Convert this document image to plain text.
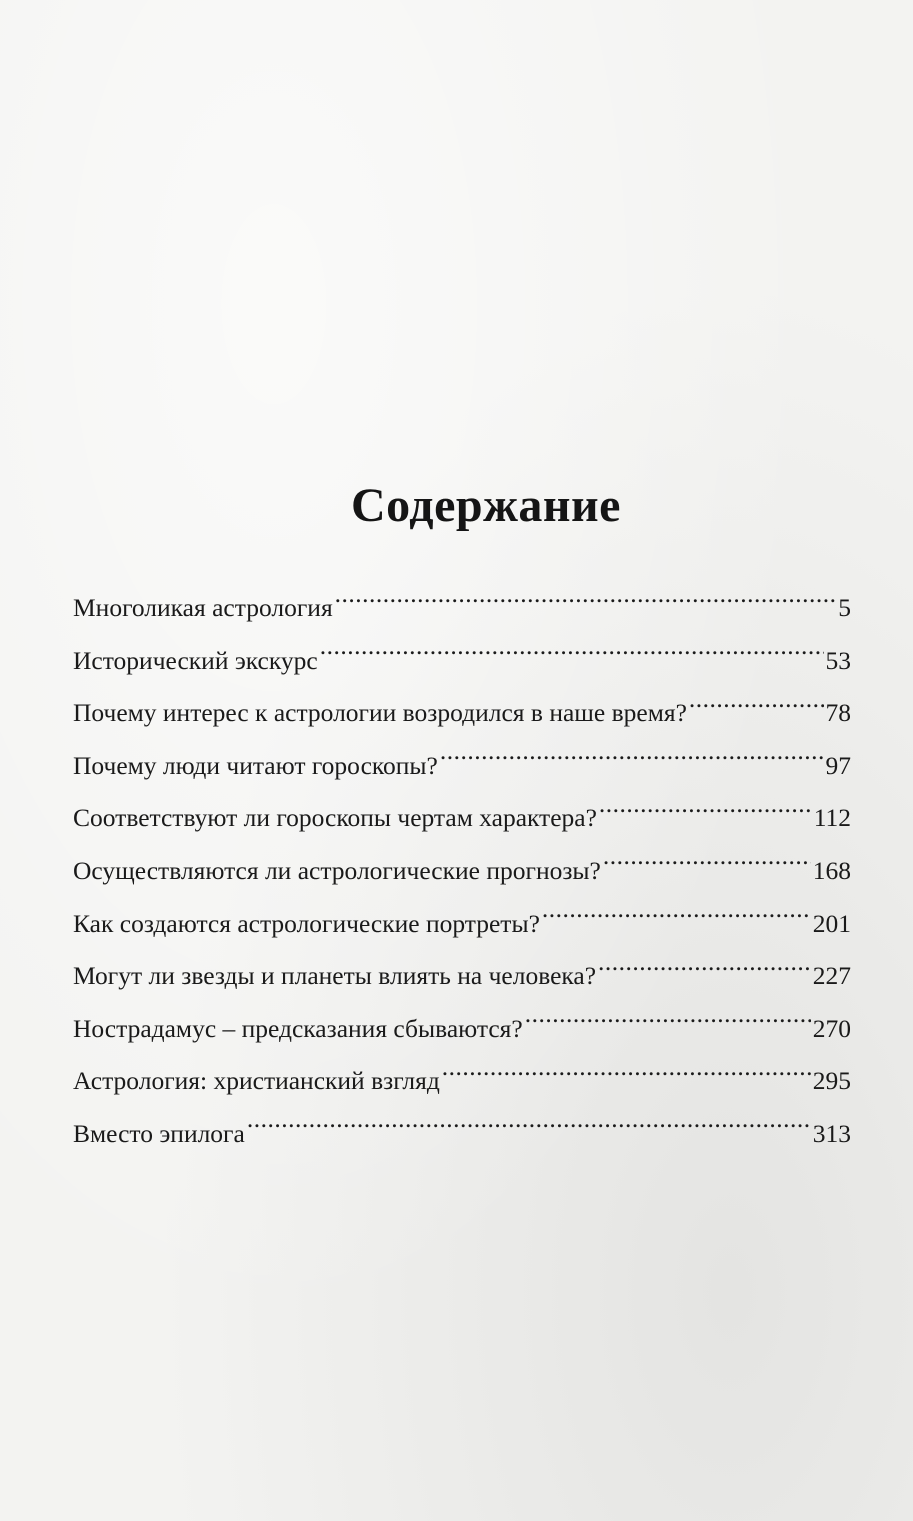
Содержание
Многоликая астрология .....	5
Исторический экскурс .....	53
Почему интерес к астрологии возродился в наше время? .....	78
Почему люди читают гороскопы? .....	97
Соответствуют ли гороскопы чертам характера? .....	112
Осуществляются ли астрологические прогнозы? .....	168
Как создаются астрологические портреты? .....	201
Могут ли звезды и планеты влиять на человека? .....	227
Нострадамус – предсказания сбываются? .....	270
Астрология: христианский взгляд .....	295
Вместо эпилога .....	313
